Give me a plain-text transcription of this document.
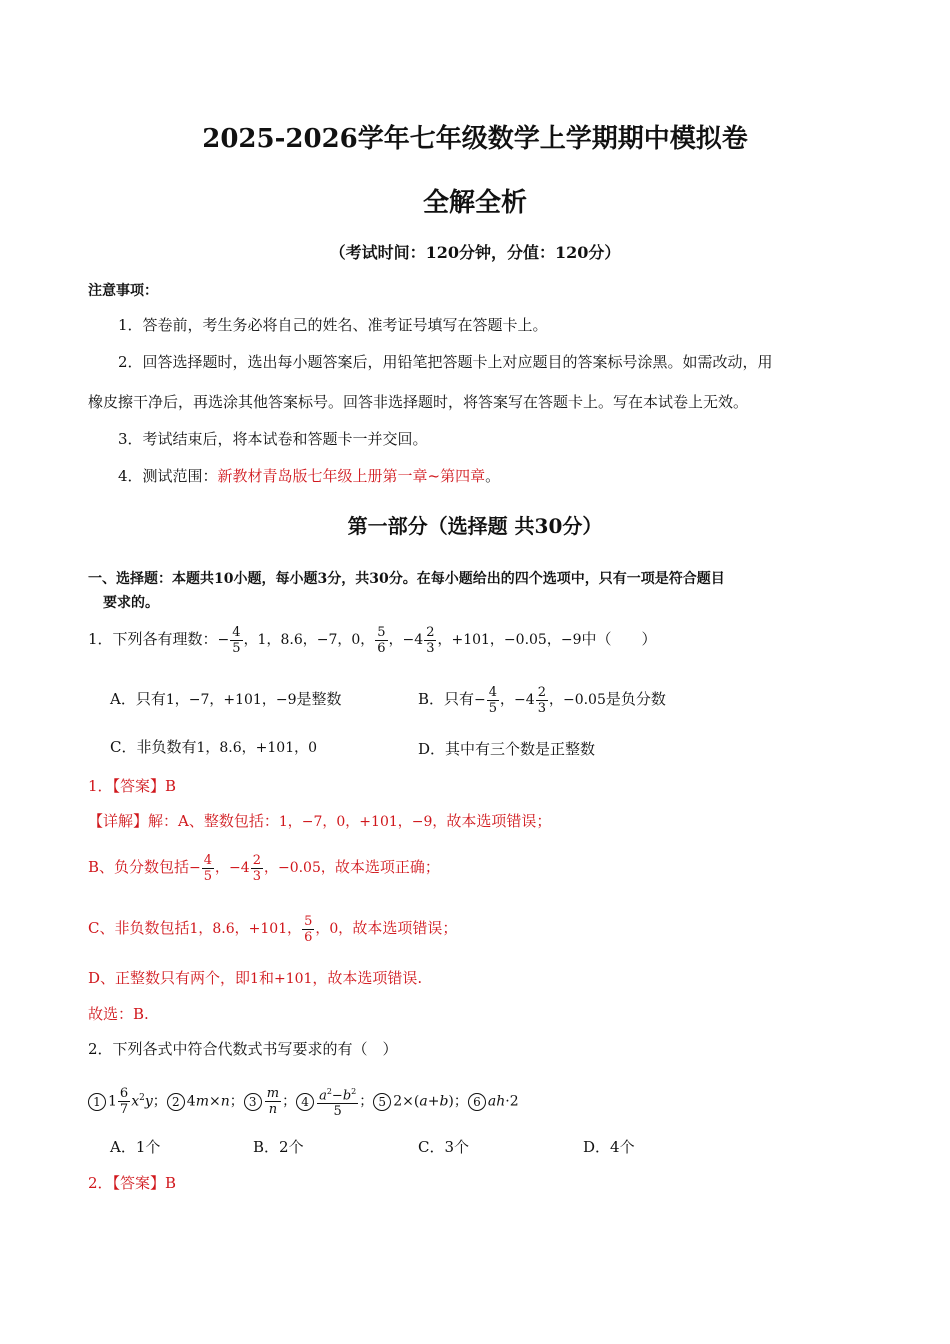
2025-2026学年七年级数学上学期期中模拟卷
全解全析
（考试时间：120分钟，分值：120分）
注意事项：
1．答卷前，考生务必将自己的姓名、准考证号填写在答题卡上。
2．回答选择题时，选出每小题答案后，用铅笔把答题卡上对应题目的答案标号涂黑。如需改动，用
橡皮擦干净后，再选涂其他答案标号。回答非选择题时，将答案写在答题卡上。写在本试卷上无效。
3．考试结束后，将本试卷和答题卡一并交回。
4．测试范围：新教材青岛版七年级上册第一章~第四章。
第一部分（选择题 共30分）
一、选择题：本题共10小题，每小题3分，共30分。在每小题给出的四个选项中，只有一项是符合题目
要求的。
1．下列各有理数：− $\frac{4}{5}$ ，1，8.6，−7，0， $\frac{5}{6}$ ，$-4 \frac{2}{3}$ ，+101，−0.05，−9中（　　）
A．只有1，−7，+101，−9是整数	B．只有− $\frac{4}{5}$ ，$-4 \frac{2}{3}$ ，−0.05是负分数
C．非负数有1，8.6，+101，0	D．其中有三个数是正整数
1．【答案】B
【详解】解：A、整数包括：1，−7，0，+101，−9，故本选项错误；
B、负分数包括− $\frac{4}{5}$ ，$-4 \frac{2}{3}$ ，−0.05，故本选项正确；
C、非负数包括1，8.6，+101， $\frac{5}{6}$ ，0，故本选项错误；
D、正整数只有两个，即1和+101，故本选项错误.
故选：B.
2．下列各式中符合代数式书写要求的有（　）
1 $1 \frac{6}{7} x^2y$； 2 4m×n； $3 \frac{m}{n}$ ； $4 \frac{a^2-b^2}{5}$ ； 5 2×(a+b)； 6 ah·2
A．1个	B．2个	C．3个	D．4个
2．【答案】B
